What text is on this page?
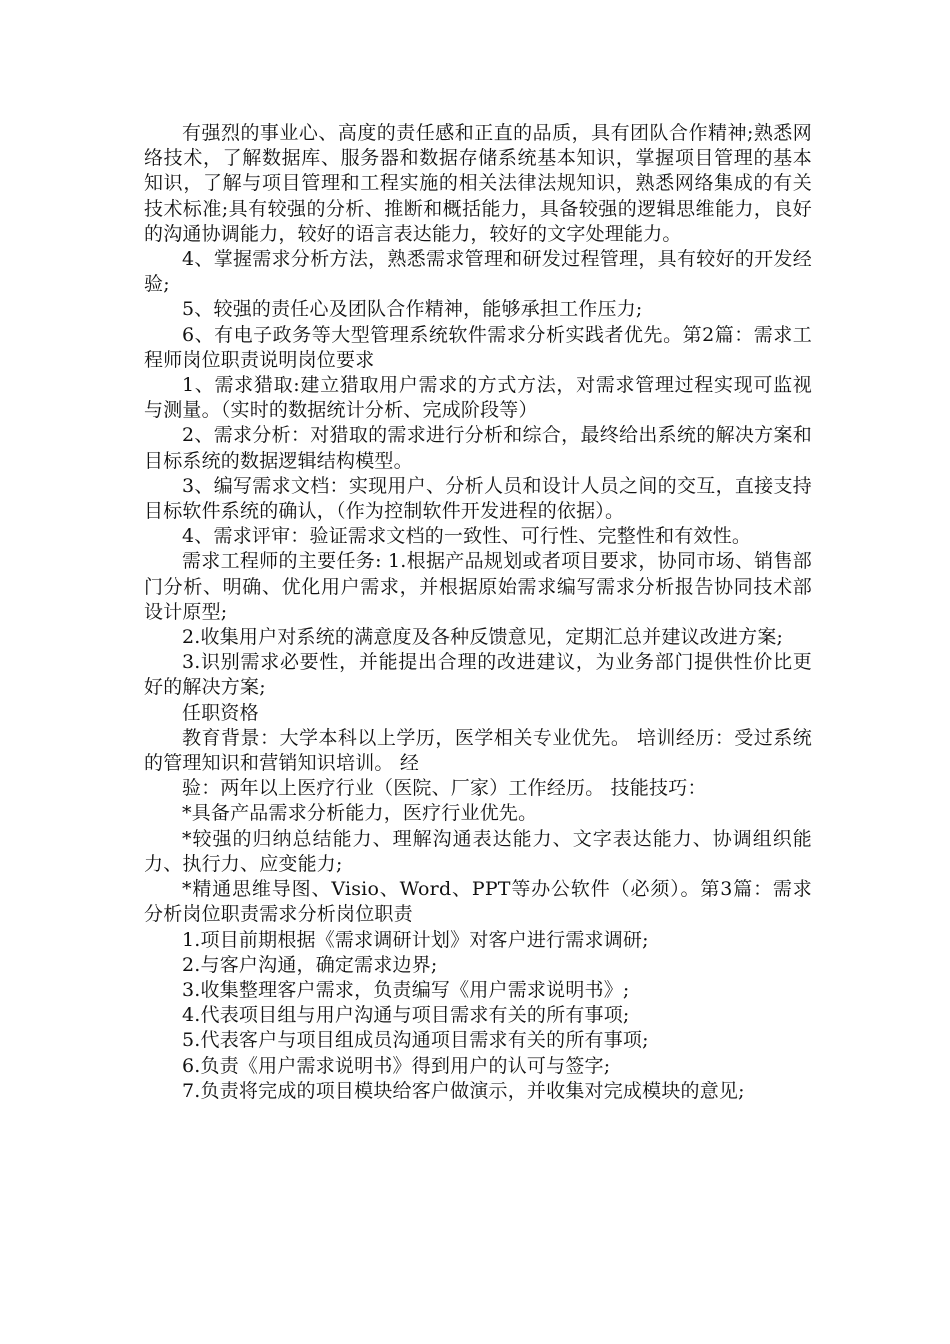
有强烈的事业心、高度的责任感和正直的品质，具有团队合作精神;熟悉网络技术，了解数据库、服务器和数据存储系统基本知识，掌握项目管理的基本知识，了解与项目管理和工程实施的相关法律法规知识，熟悉网络集成的有关技术标准;具有较强的分析、推断和概括能力，具备较强的逻辑思维能力，良好的沟通协调能力，较好的语言表达能力，较好的文字处理能力。

4、掌握需求分析方法，熟悉需求管理和研发过程管理，具有较好的开发经验;

5、较强的责任心及团队合作精神，能够承担工作压力;

6、有电子政务等大型管理系统软件需求分析实践者优先。第2篇：需求工程师岗位职责说明岗位要求

1、需求猎取:建立猎取用户需求的方式方法，对需求管理过程实现可监视与测量。（实时的数据统计分析、完成阶段等）

2、需求分析：对猎取的需求进行分析和综合，最终给出系统的解决方案和目标系统的数据逻辑结构模型。

3、编写需求文档：实现用户、分析人员和设计人员之间的交互，直接支持目标软件系统的确认，（作为控制软件开发进程的依据）。

4、需求评审：验证需求文档的一致性、可行性、完整性和有效性。

需求工程师的主要任务: 1.根据产品规划或者项目要求，协同市场、销售部门分析、明确、优化用户需求，并根据原始需求编写需求分析报告协同技术部设计原型;

2.收集用户对系统的满意度及各种反馈意见，定期汇总并建议改进方案;

3.识别需求必要性，并能提出合理的改进建议，为业务部门提供性价比更好的解决方案;

任职资格

教育背景：大学本科以上学历，医学相关专业优先。 培训经历：受过系统的管理知识和营销知识培训。 经

验：两年以上医疗行业（医院、厂家）工作经历。 技能技巧：

*具备产品需求分析能力，医疗行业优先。

*较强的归纳总结能力、理解沟通表达能力、文字表达能力、协调组织能力、执行力、应变能力;

*精通思维导图、Visio、Word、PPT等办公软件（必须）。第3篇：需求分析岗位职责需求分析岗位职责

1.项目前期根据《需求调研计划》对客户进行需求调研;

2.与客户沟通，确定需求边界;

3.收集整理客户需求，负责编写《用户需求说明书》;

4.代表项目组与用户沟通与项目需求有关的所有事项;

5.代表客户与项目组成员沟通项目需求有关的所有事项;

6.负责《用户需求说明书》得到用户的认可与签字;

7.负责将完成的项目模块给客户做演示，并收集对完成模块的意见;
